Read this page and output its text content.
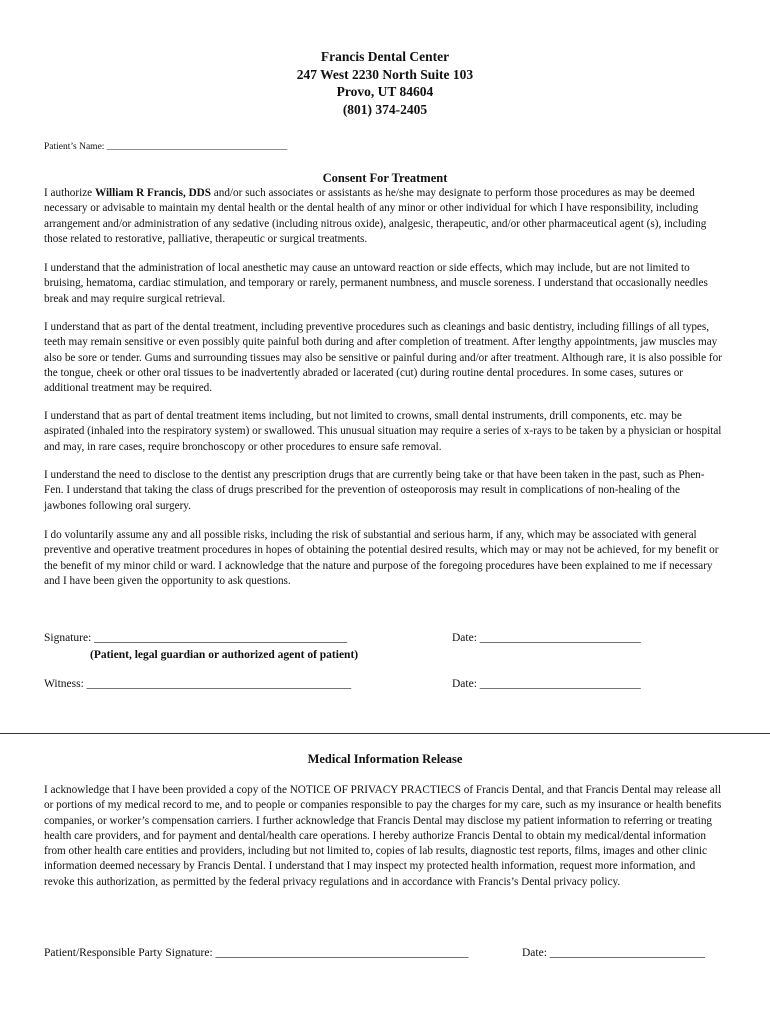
Francis Dental Center
247 West 2230 North Suite 103
Provo, UT 84604
(801) 374-2405
Patient’s Name: ______________________________________
Consent For Treatment

I authorize William R Francis, DDS and/or such associates or assistants as he/she may designate to perform those procedures as may be deemed necessary or advisable to maintain my dental health or the dental health of any minor or other individual for which I have responsibility, including arrangement and/or administration of any sedative (including nitrous oxide), analgesic, therapeutic, and/or other pharmaceutical agent (s), including those related to restorative, palliative, therapeutic or surgical treatments.

I understand that the administration of local anesthetic may cause an untoward reaction or side effects, which may include, but are not limited to bruising, hematoma, cardiac stimulation, and temporary or rarely, permanent numbness, and muscle soreness. I understand that occasionally needles break and may require surgical retrieval.

I understand that as part of the dental treatment, including preventive procedures such as cleanings and basic dentistry, including fillings of all types, teeth may remain sensitive or even possibly quite painful both during and after completion of treatment. After lengthy appointments, jaw muscles may also be sore or tender. Gums and surrounding tissues may also be sensitive or painful during and/or after treatment. Although rare, it is also possible for the tongue, cheek or other oral tissues to be inadvertently abraded or lacerated (cut) during routine dental procedures. In some cases, sutures or additional treatment may be required.

I understand that as part of dental treatment items including, but not limited to crowns, small dental instruments, drill components, etc. may be aspirated (inhaled into the respiratory system) or swallowed. This unusual situation may require a series of x-rays to be taken by a physician or hospital and may, in rare cases, require bronchoscopy or other procedures to ensure safe removal.

I understand the need to disclose to the dentist any prescription drugs that are currently being take or that have been taken in the past, such as Phen-Fen. I understand that taking the class of drugs prescribed for the prevention of osteoporosis may result in complications of non-healing of the jawbones following oral surgery.

I do voluntarily assume any and all possible risks, including the risk of substantial and serious harm, if any, which may be associated with general preventive and operative treatment procedures in hopes of obtaining the potential desired results, which may or may not be achieved, for my benefit or the benefit of my minor child or ward. I acknowledge that the nature and purpose of the foregoing procedures have been explained to me if necessary and I have been given the opportunity to ask questions.

Signature: ____________________________________________	Date: ____________________________
(Patient, legal guardian or authorized agent of patient)
Witness: ______________________________________________	Date: ____________________________
Medical Information Release

I acknowledge that I have been provided a copy of the NOTICE OF PRIVACY PRACTIECS of Francis Dental, and that Francis Dental may release all or portions of my medical record to me, and to people or companies responsible to pay the charges for my care, such as my insurance or health benefits companies, or worker’s compensation carriers. I further acknowledge that Francis Dental may disclose my patient information to referring or treating health care providers, and for payment and dental/health care operations. I hereby authorize Francis Dental to obtain my medical/dental information from other health care entities and providers, including but not limited to, copies of lab results, diagnostic test reports, films, images and other clinic information deemed necessary by Francis Dental. I understand that I may inspect my protected health information, request more information, and revoke this authorization, as permitted by the federal privacy regulations and in accordance with Francis’s Dental privacy policy.

Patient/Responsible Party Signature: ____________________________________________	Date: ___________________________
